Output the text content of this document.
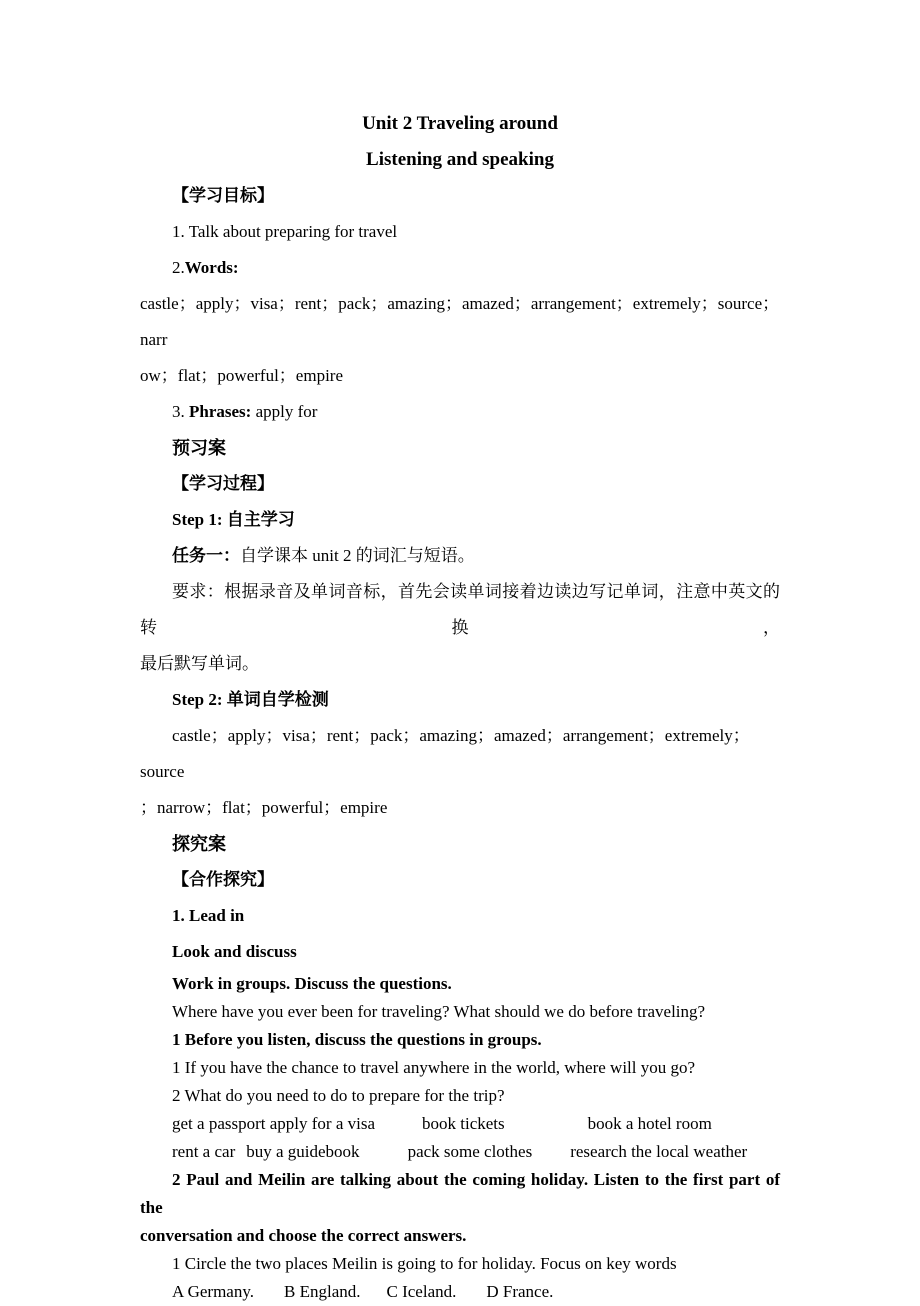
Unit 2 Traveling around
Listening and speaking
【学习目标】
1. Talk about preparing for travel
2.Words:
castle；apply；visa；rent；pack；amazing；amazed；arrangement；extremely；source；narr
ow；flat；powerful；empire
3. Phrases: apply for
预习案
【学习过程】
Step 1: 自主学习
任务一：自学课本 unit 2 的词汇与短语。
要求：根据录音及单词音标，首先会读单词接着边读边写记单词，注意中英文的转换，
最后默写单词。
Step 2: 单词自学检测
castle；apply；visa；rent；pack；amazing；amazed；arrangement；extremely；source
；narrow；flat；powerful；empire
探究案
【合作探究】
1. Lead in
Look and discuss
Work in groups. Discuss the questions.
Where have you ever been for traveling? What should we do before traveling?
1 Before you listen, discuss the questions in groups.
1 If you have the chance to travel anywhere in the world, where will you go?
2 What do you need to do to prepare for the trip?
get a passport apply for a visa	book tickets	book a hotel room
rent a car buy a guidebook	pack some clothes research the local weather
2 Paul and Meilin are talking about the coming holiday. Listen to the first part of the
conversation and choose the correct answers.
1 Circle the two places Meilin is going to for holiday. Focus on key words
A Germany. B England. C Iceland. D France.
